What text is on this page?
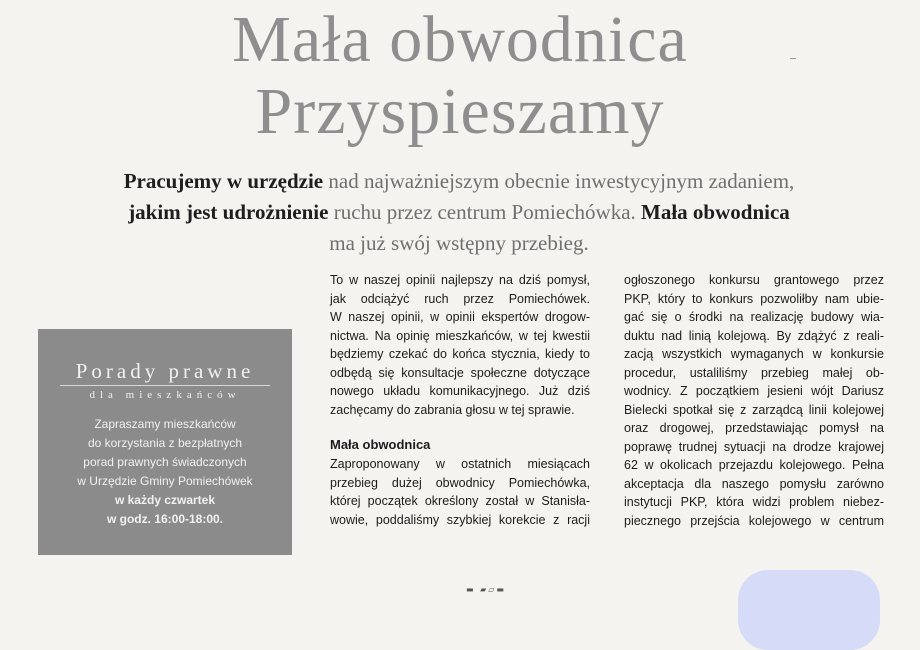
Mała obwodnica
Przyspieszamy

Pracujemy w urzędzie nad najważniejszym obecnie inwestycyjnym zadaniem,
jakim jest udrożnienie ruchu przez centrum Pomiechówka. Mała obwodnica
ma już swój wstępny przebieg.

Porady prawne
dla mieszkańców
Zapraszamy mieszkańców
do korzystania z bezpłatnych
porad prawnych świadczonych
w Urzędzie Gminy Pomiechówek
w każdy czwartek
w godz. 16:00-18:00.

To w naszej opinii najlepszy na dziś pomysł,
jak odciążyć ruch przez Pomiechówek.
W naszej opinii, w opinii ekspertów drogow-
nictwa. Na opinię mieszkańców, w tej kwestii
będziemy czekać do końca stycznia, kiedy to
odbędą się konsultacje społeczne dotyczące
nowego układu komunikacyjnego. Już dziś
zachęcamy do zabrania głosu w tej sprawie.

Mała obwodnica

Zaproponowany w ostatnich miesiącach
przebieg dużej obwodnicy Pomiechówka,
której początek określony został w Stanisła-
wowie, poddaliśmy szybkiej korekcie z racji

ogłoszonego konkursu grantowego przez
PKP, który to konkurs pozwoliłby nam ubie-
gać się o środki na realizację budowy wia-
duktu nad linią kolejową. By zdążyć z reali-
zacją wszystkich wymaganych w konkursie
procedur, ustaliliśmy przebieg małej ob-
wodnicy. Z początkiem jesieni wójt Dariusz
Bielecki spotkał się z zarządcą linii kolejowej
oraz drogowej, przedstawiając pomysł na
poprawę trudnej sytuacji na drodze krajowej
62 w okolicach przejazdu kolejowego. Pełna
akceptacja dla naszego pomysłu zarówno
instytucji PKP, która widzi problem niebez-
piecznego przejścia kolejowego w centrum

▬ ▰▱▬
